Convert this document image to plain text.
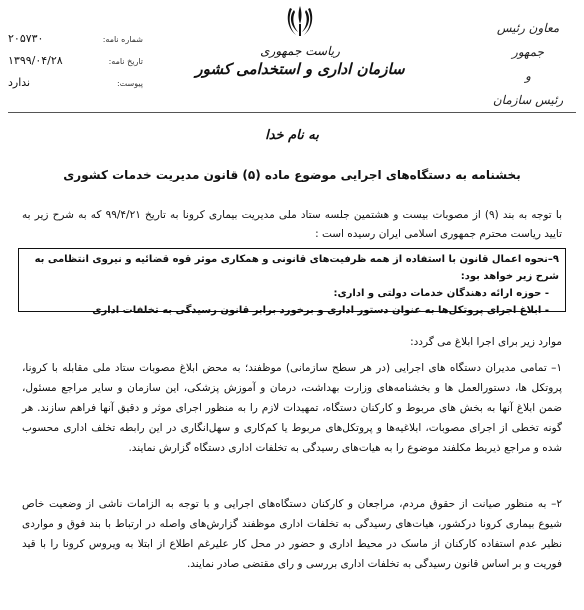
معاون رئیس جمهور
و
رئیس سازمان
ریاست جمهوری
سازمان اداری و استخدامی کشور
شماره نامه:
۲۰۵۷۳۰
تاریخ نامه:
۱۳۹۹/۰۴/۲۸
پیوست:
ندارد
به نام خدا
بخشنامه به دستگاه‌های اجرایی موضوع ماده (۵) قانون مدیریت خدمات کشوری
با توجه به بند (۹) از مصوبات بیست و هشتمین جلسه ستاد ملی مدیریت بیماری کرونا به تاریخ ۹۹/۴/۲۱ که به شرح زیر به تایید ریاست محترم جمهوری اسلامی ایران رسیده است :
۹–نحوه اعمال قانون با استفاده از همه ظرفیت‌های قانونی و همکاری موثر قوه قضائیه و نیروی انتظامی به شرح زیر خواهد بود:
- حوزه ارائه دهندگان خدمات دولتی و اداری:
- ابلاغ اجرای پروتکل‌ها به عنوان دستور اداری و برخورد برابر قانون رسیدگی به تخلفات اداری
موارد زیر برای اجرا ابلاغ می گردد:
۱– تمامی مدیران دستگاه های اجرایی (در هر سطح سازمانی) موظفند؛ به محض ابلاغ مصوبات ستاد ملی مقابله با کرونا، پروتکل ها، دستورالعمل ها و بخشنامه‌های وزارت بهداشت، درمان و آموزش پزشکی، این سازمان و سایر مراجع مسئول، ضمن ابلاغ آنها به بخش های مربوط و کارکنان دستگاه، تمهیدات لازم را به منظور اجرای موثر و دقیق آنها فراهم سازند. هر گونه تخطی از اجرای مصوبات، ابلاغیه‌ها و پروتکل‌های مربوط یا کم‌کاری و سهل‌انگاری در این رابطه تخلف اداری محسوب شده و مراجع ذیربط مکلفند موضوع را به هیات‌های رسیدگی به تخلفات اداری دستگاه گزارش نمایند.
۲– به منظور صیانت از حقوق مردم، مراجعان و کارکنان دستگاه‌های اجرایی و با توجه به الزامات ناشی از وضعیت خاص شیوع بیماری کرونا درکشور، هیات‌های رسیدگی به تخلفات اداری موظفند گزارش‌های واصله در ارتباط با بند فوق و مواردی نظیر عدم استفاده کارکنان از ماسک در محیط اداری و حضور در محل کار علیرغم اطلاع از ابتلا به ویروس کرونا را با قید فوریت و بر اساس قانون رسیدگی به تخلفات اداری بررسی و رای مقتضی صادر نمایند.
